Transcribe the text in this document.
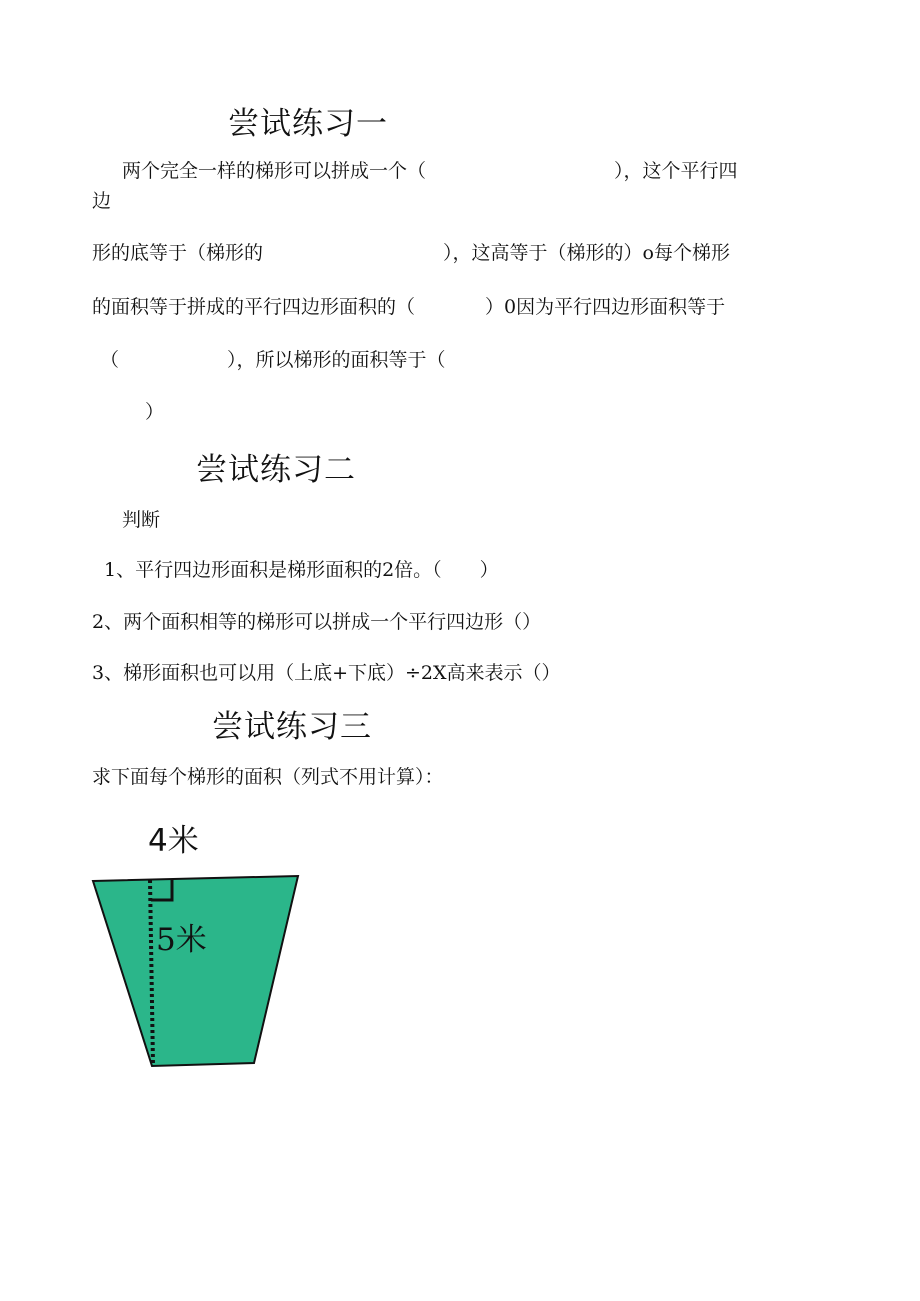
尝试练习一
两个完全一样的梯形可以拼成一个（	），这个平行四
边
形的底等于（梯形的	），这高等于（梯形的）o每个梯形
的面积等于拼成的平行四边形面积的（	）0因为平行四边形面积等于
（	），所以梯形的面积等于（
）
尝试练习二
判断
1、平行四边形面积是梯形面积的2倍。（　　）
2、两个面积相等的梯形可以拼成一个平行四边形（）
3、梯形面积也可以用（上底+下底）÷2X高来表示（）
尝试练习三
求下面每个梯形的面积（列式不用计算）：
4米
5米
